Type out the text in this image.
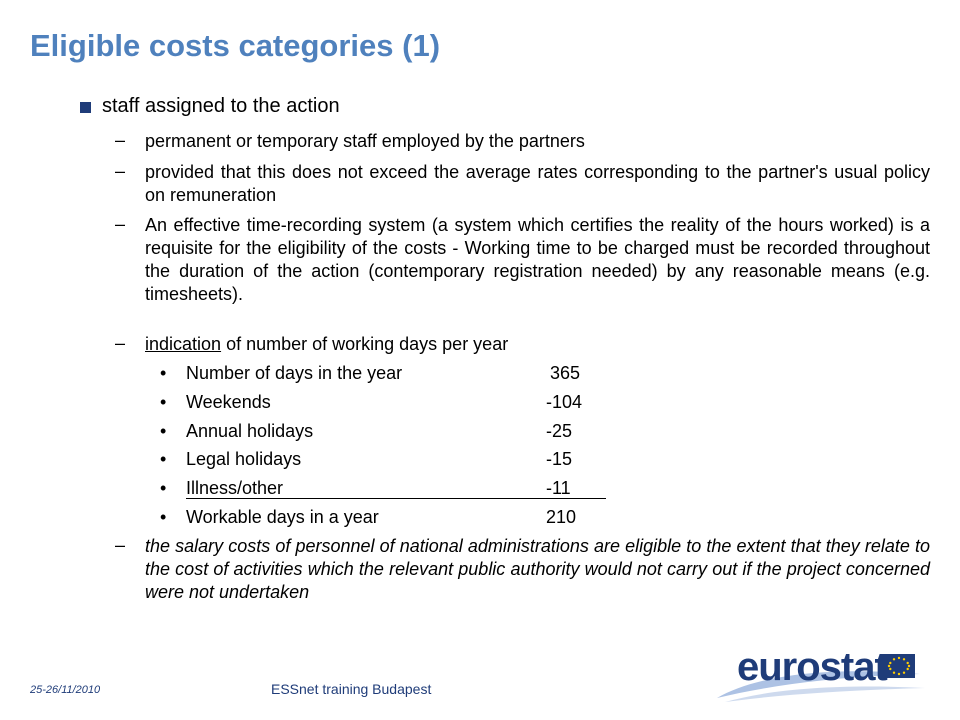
Eligible costs categories (1)
staff assigned to the action
– permanent or temporary staff employed by the partners
– provided that this does not exceed the average rates corresponding to the partner's usual policy on remuneration
– An effective time-recording system (a system which certifies the reality of the hours worked) is a requisite for the eligibility of the costs - Working time to be charged must be recorded throughout the duration of the action (contemporary registration needed) by any reasonable means (e.g. timesheets).
– indication of number of working days per year
• Number of days in the year	365
• Weekends	-104
• Annual holidays	-25
• Legal holidays	-15
• Illness/other	-11
• Workable days in a year	210
– the salary costs of personnel of national administrations are eligible to the extent that they relate to the cost of activities which the relevant public authority would not carry out if the project concerned were not undertaken
25-26/11/2010	ESSnet training Budapest	eurostat
